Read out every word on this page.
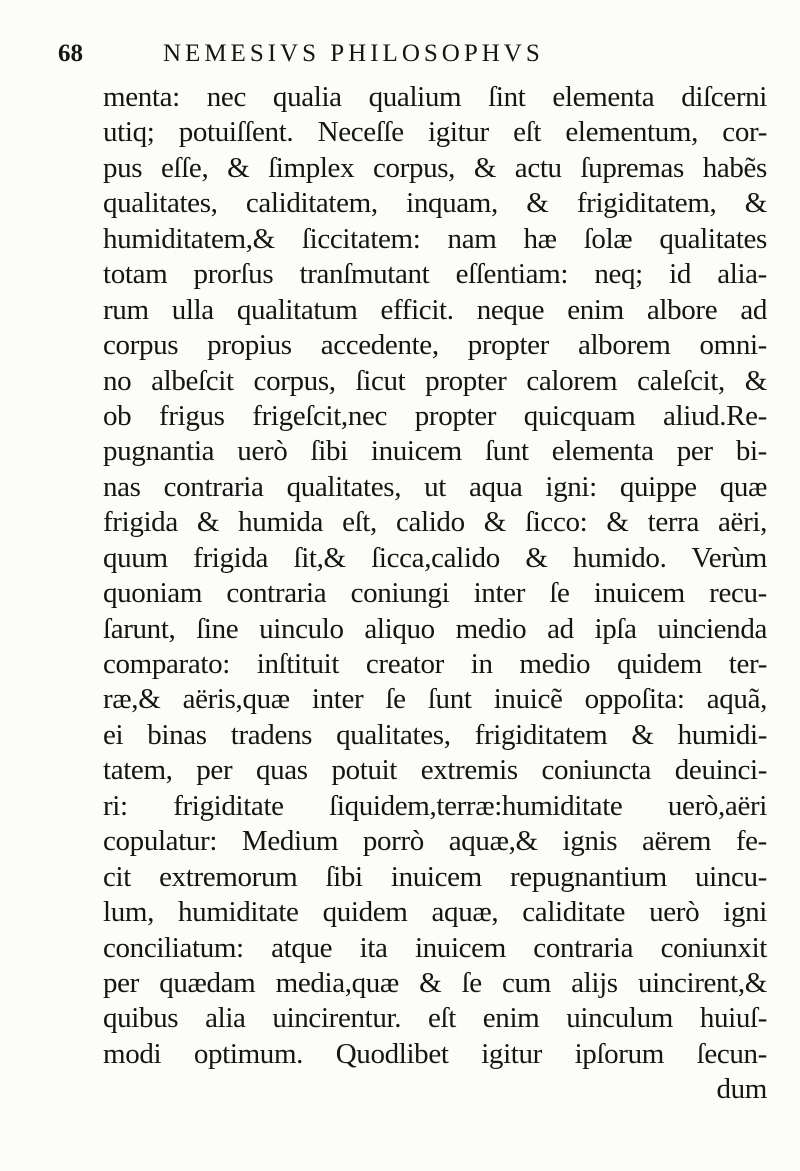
68	NEMESIVS PHILOSOPHVS
menta: nec qualia qualium ſint elementa diſcerni
utiq; potuiſſent. Neceſſe igitur eſt elementum, cor-
pus eſſe, & ſimplex corpus, & actu ſupremas habẽs
qualitates, caliditatem, inquam, & frigiditatem, &
humiditatem,& ſiccitatem: nam hæ ſolæ qualitates
totam prorſus tranſmutant eſſentiam: neq; id alia-
rum ulla qualitatum efficit. neque enim albore ad
corpus propius accedente, propter alborem omni-
no albeſcit corpus, ſicut propter calorem caleſcit, &
ob frigus frigeſcit,nec propter quicquam aliud.Re-
pugnantia uerò ſibi inuicem ſunt elementa per bi-
nas contraria qualitates, ut aqua igni: quippe quæ
frigida & humida eſt, calido & ſicco: & terra aëri,
quum frigida ſit,& ſicca,calido & humido. Verùm
quoniam contraria coniungi inter ſe inuicem recu-
ſarunt, ſine uinculo aliquo medio ad ipſa uincienda
comparato: inſtituit creator in medio quidem ter-
ræ,& aëris,quæ inter ſe ſunt inuicẽ oppoſita: aquã,
ei binas tradens qualitates, frigiditatem & humidi-
tatem, per quas potuit extremis coniuncta deuinci-
ri: frigiditate ſiquidem,terræ:humiditate uerò,aëri
copulatur: Medium porrò aquæ,& ignis aërem fe-
cit extremorum ſibi inuicem repugnantium uincu-
lum, humiditate quidem aquæ, caliditate uerò igni
conciliatum: atque ita inuicem contraria coniunxit
per quædam media,quæ & ſe cum alijs uincirent,&
quibus alia uincirentur. eſt enim uinculum huiuſ-
modi optimum. Quodlibet igitur ipſorum ſecun-
dum
